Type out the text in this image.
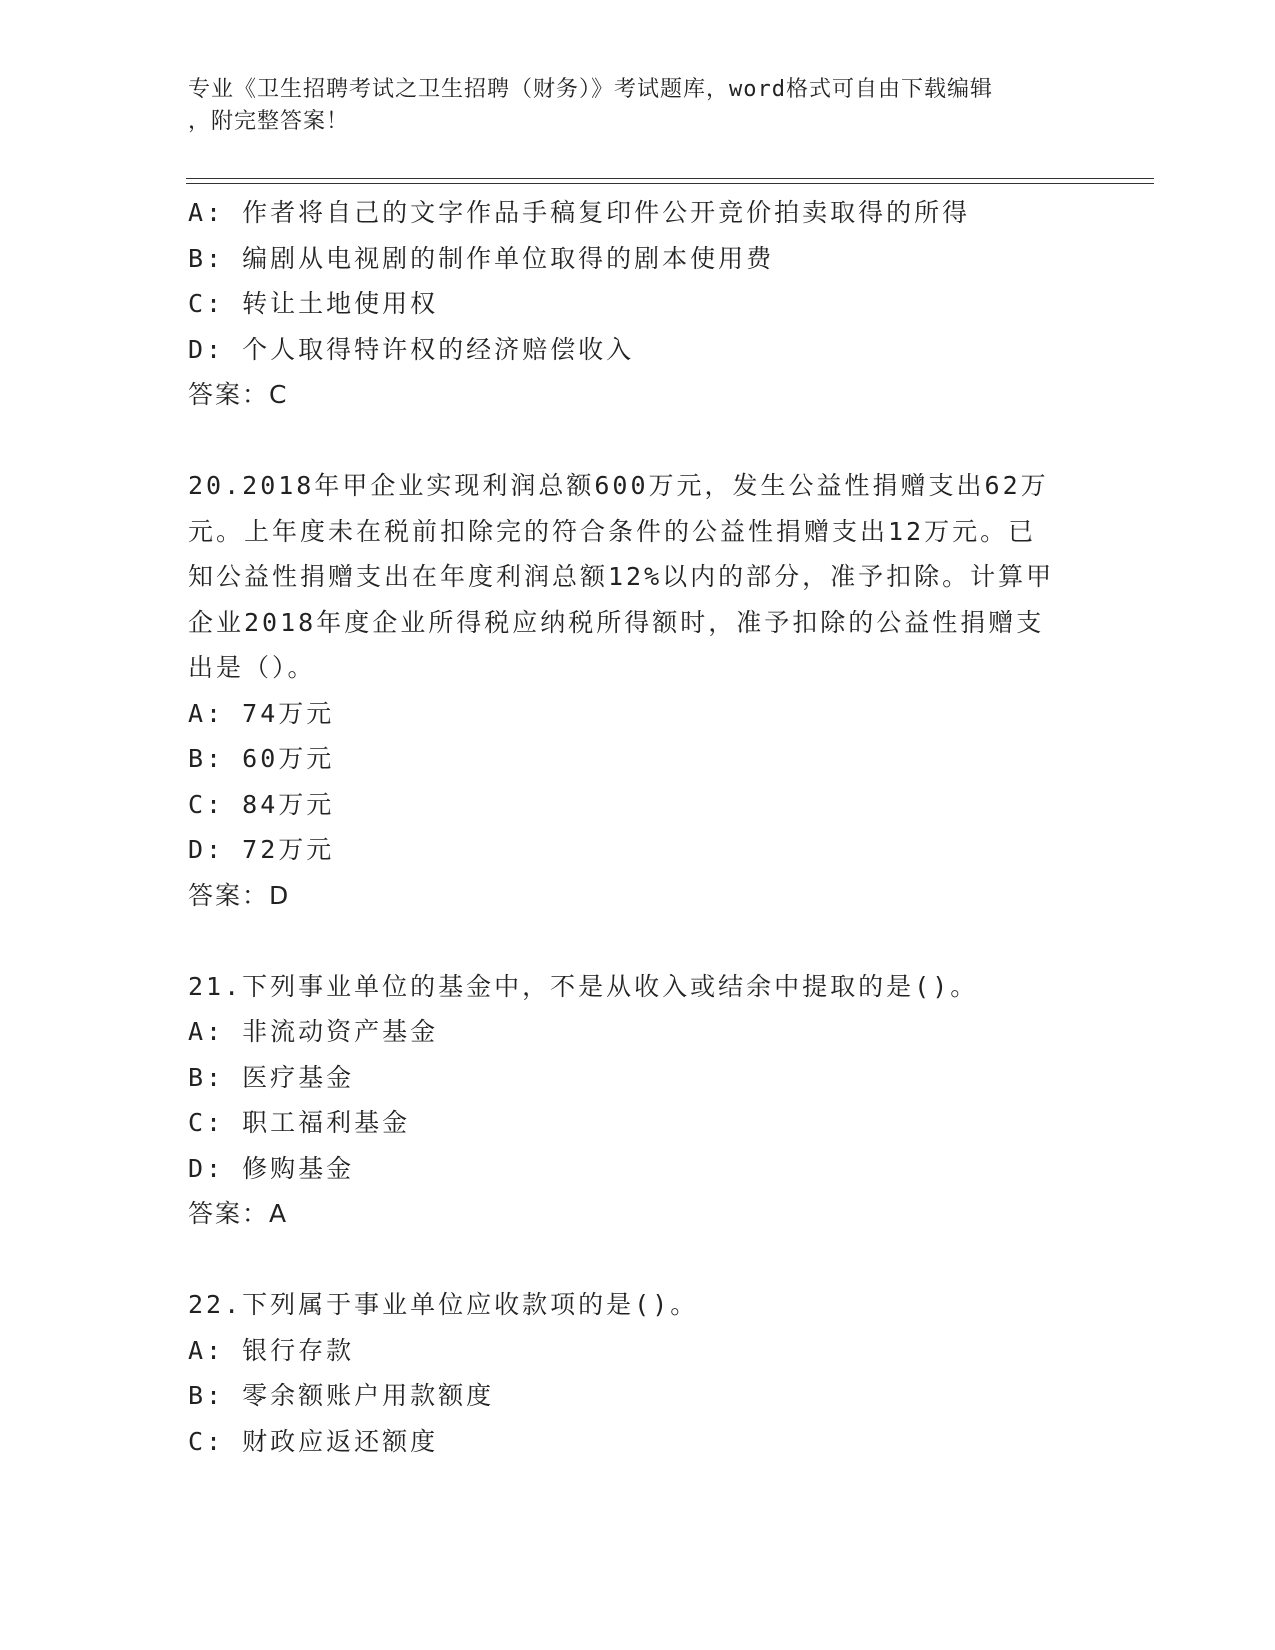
专业《卫生招聘考试之卫生招聘（财务）》考试题库，word格式可自由下载编辑
，附完整答案！
A: 作者将自己的文字作品手稿复印件公开竞价拍卖取得的所得
B: 编剧从电视剧的制作单位取得的剧本使用费
C: 转让土地使用权
D: 个人取得特许权的经济赔偿收入
答案：C
20.2018年甲企业实现利润总额600万元，发生公益性捐赠支出62万
元。上年度未在税前扣除完的符合条件的公益性捐赠支出12万元。已
知公益性捐赠支出在年度利润总额12%以内的部分，准予扣除。计算甲
企业2018年度企业所得税应纳税所得额时，准予扣除的公益性捐赠支
出是（）。
A: 74万元
B: 60万元
C: 84万元
D: 72万元
答案：D
21.下列事业单位的基金中，不是从收入或结余中提取的是()。
A: 非流动资产基金
B: 医疗基金
C: 职工福利基金
D: 修购基金
答案：A
22.下列属于事业单位应收款项的是()。
A: 银行存款
B: 零余额账户用款额度
C: 财政应返还额度
